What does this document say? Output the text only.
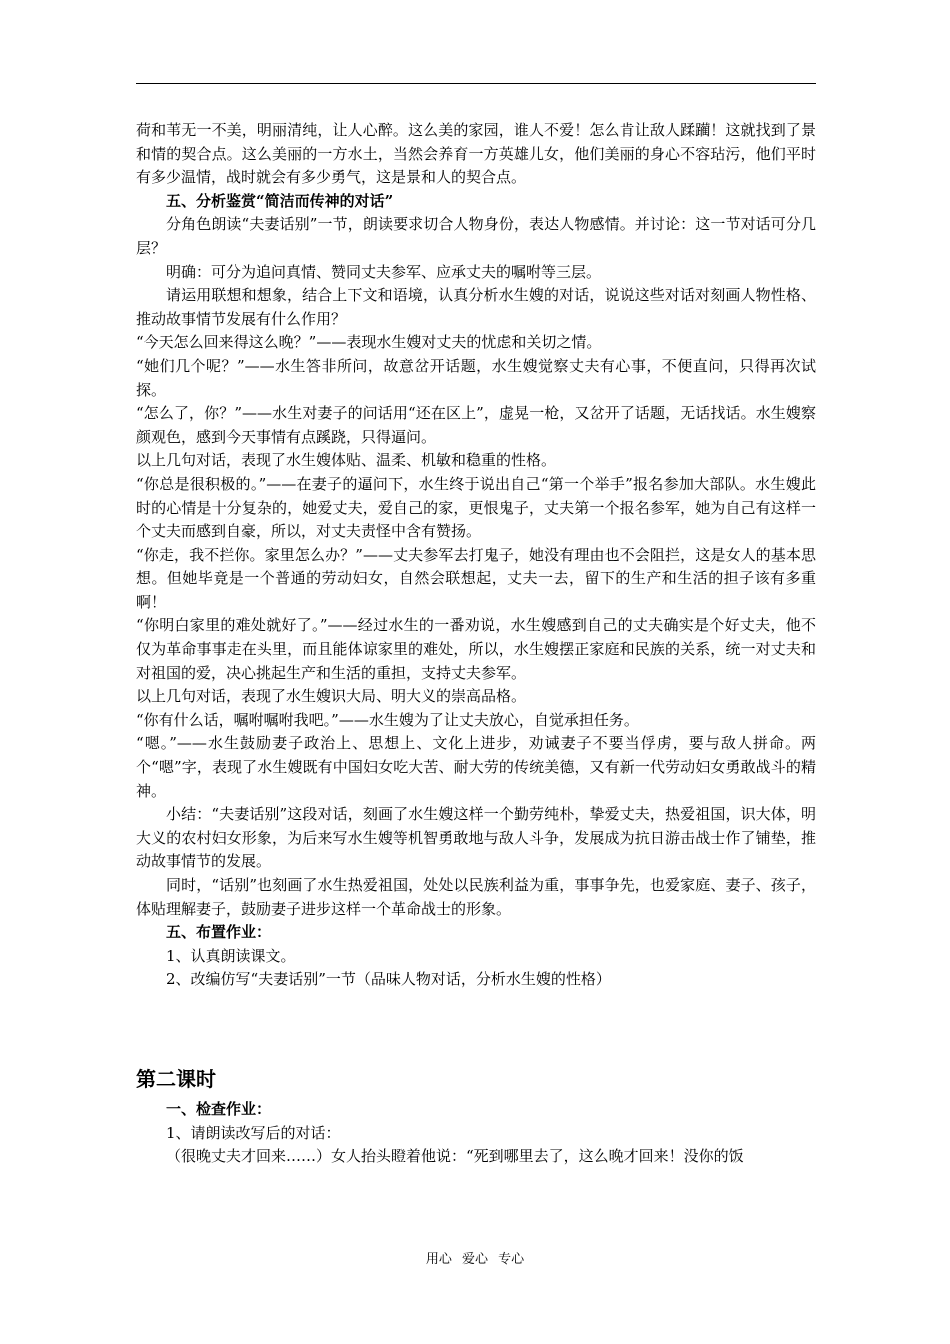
荷和苇无一不美，明丽清纯，让人心醉。这么美的家园，谁人不爱！怎么肯让敌人蹂躏！这就找到了景和情的契合点。这么美丽的一方水土，当然会养育一方英雄儿女，他们美丽的身心不容玷污，他们平时有多少温情，战时就会有多少勇气，这是景和人的契合点。

五、分析鉴赏“简洁而传神的对话”

分角色朗读“夫妻话别”一节，朗读要求切合人物身份，表达人物感情。并讨论：这一节对话可分几层？

明确：可分为追问真情、赞同丈夫参军、应承丈夫的嘱咐等三层。

请运用联想和想象，结合上下文和语境，认真分析水生嫂的对话，说说这些对话对刻画人物性格、推动故事情节发展有什么作用？

“今天怎么回来得这么晚？”——表现水生嫂对丈夫的忧虑和关切之情。

“她们几个呢？”——水生答非所问，故意岔开话题，水生嫂觉察丈夫有心事，不便直问，只得再次试探。

“怎么了，你？”——水生对妻子的问话用“还在区上”，虚晃一枪，又岔开了话题，无话找话。水生嫂察颜观色，感到今天事情有点蹊跷，只得逼问。

以上几句对话，表现了水生嫂体贴、温柔、机敏和稳重的性格。

“你总是很积极的。”——在妻子的逼问下，水生终于说出自己“第一个举手”报名参加大部队。水生嫂此时的心情是十分复杂的，她爱丈夫，爱自己的家，更恨鬼子，丈夫第一个报名参军，她为自己有这样一个丈夫而感到自豪，所以，对丈夫责怪中含有赞扬。

“你走，我不拦你。家里怎么办？”——丈夫参军去打鬼子，她没有理由也不会阻拦，这是女人的基本思想。但她毕竟是一个普通的劳动妇女，自然会联想起，丈夫一去，留下的生产和生活的担子该有多重啊！

“你明白家里的难处就好了。”——经过水生的一番劝说，水生嫂感到自己的丈夫确实是个好丈夫，他不仅为革命事事走在头里，而且能体谅家里的难处，所以，水生嫂摆正家庭和民族的关系，统一对丈夫和对祖国的爱，决心挑起生产和生活的重担，支持丈夫参军。

以上几句对话，表现了水生嫂识大局、明大义的崇高品格。

“你有什么话，嘱咐嘱咐我吧。”——水生嫂为了让丈夫放心，自觉承担任务。

“嗯。”——水生鼓励妻子政治上、思想上、文化上进步，劝诫妻子不要当俘虏，要与敌人拼命。两个“嗯”字，表现了水生嫂既有中国妇女吃大苦、耐大劳的传统美德，又有新一代劳动妇女勇敢战斗的精神。

小结：“夫妻话别”这段对话，刻画了水生嫂这样一个勤劳纯朴，挚爱丈夫，热爱祖国，识大体，明大义的农村妇女形象，为后来写水生嫂等机智勇敢地与敌人斗争，发展成为抗日游击战士作了铺垫，推动故事情节的发展。

同时，“话别”也刻画了水生热爱祖国，处处以民族利益为重，事事争先，也爱家庭、妻子、孩子，体贴理解妻子，鼓励妻子进步这样一个革命战士的形象。

五、布置作业：

1、认真朗读课文。

2、改编仿写“夫妻话别”一节（品味人物对话，分析水生嫂的性格）

第二课时

一、检查作业：

1、请朗读改写后的对话：

（很晚丈夫才回来……）女人抬头瞪着他说：“死到哪里去了，这么晚才回来！没你的饭

用心 爱心 专心
